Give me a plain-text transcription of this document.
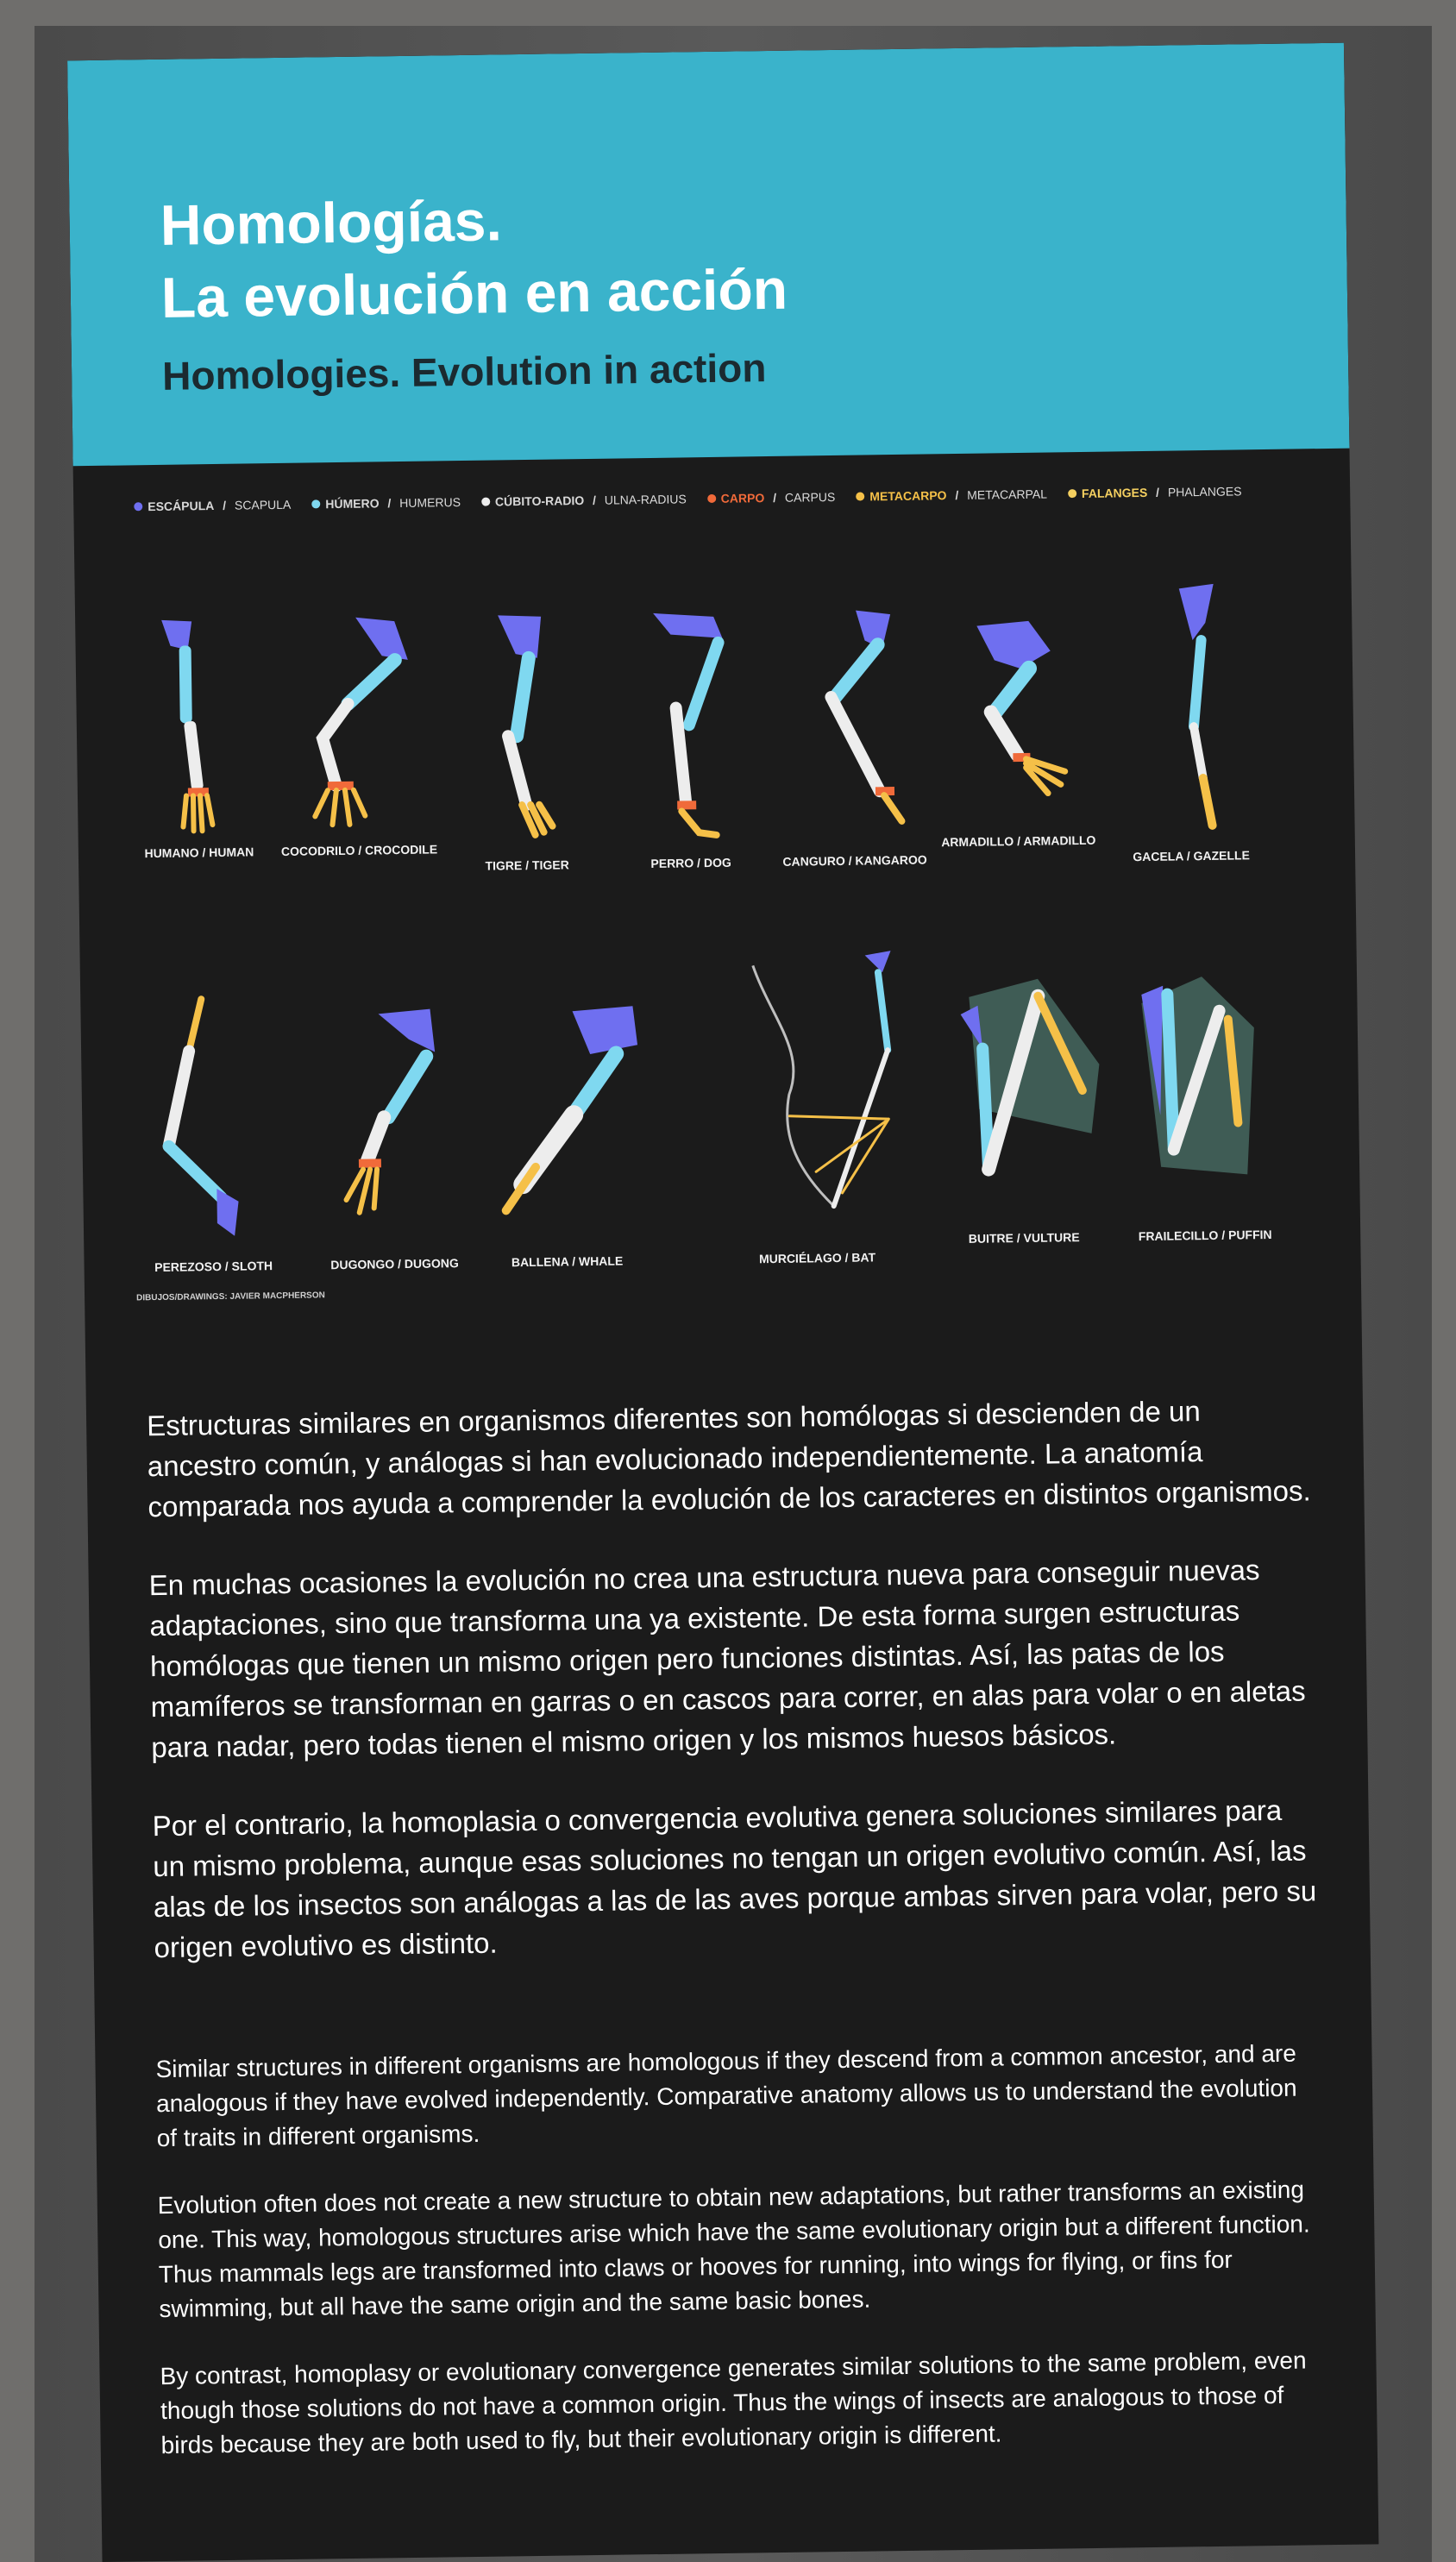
Homologías.
La evolución en acción
Homologies. Evolution in action
ESCÁPULA / SCAPULA	HÚMERO / HUMERUS	CÚBITO-RADIO / ULNA-RADIUS	CARPO / CARPUS	METACARPO / METACARPAL	FALANGES / PHALANGES
HUMANO / HUMAN	COCODRILO / CROCODILE
TIGRE / TIGER	PERRO / DOG	CANGURO / KANGAROO
ARMADILLO / ARMADILLO
GACELA / GAZELLE
PEREZOSO / SLOTH	DUGONGO / DUGONG	BALLENA / WHALE	MURCIÉLAGO / BAT
BUITRE / VULTURE	FRAILECILLO / PUFFIN
DIBUJOS/DRAWINGS: JAVIER MACPHERSON

Estructuras similares en organismos diferentes son homólogas si descienden de un ancestro común, y análogas si han evolucionado independientemente. La anatomía comparada nos ayuda a comprender la evolución de los caracteres en distintos organismos.

En muchas ocasiones la evolución no crea una estructura nueva para conseguir nuevas adaptaciones, sino que transforma una ya existente. De esta forma surgen estructuras homólogas que tienen un mismo origen pero funciones distintas. Así, las patas de los mamíferos se transforman en garras o en cascos para correr, en alas para volar o en aletas para nadar, pero todas tienen el mismo origen y los mismos huesos básicos.

Por el contrario, la homoplasia o convergencia evolutiva genera soluciones similares para un mismo problema, aunque esas soluciones no tengan un origen evolutivo común. Así, las alas de los insectos son análogas a las de las aves porque ambas sirven para volar, pero su origen evolutivo es distinto.

Similar structures in different organisms are homologous if they descend from a common ancestor, and are analogous if they have evolved independently. Comparative anatomy allows us to understand the evolution of traits in different organisms.

Evolution often does not create a new structure to obtain new adaptations, but rather transforms an existing one. This way, homologous structures arise which have the same evolutionary origin but a different function. Thus mammals legs are transformed into claws or hooves for running, into wings for flying, or fins for swimming, but all have the same origin and the same basic bones.

By contrast, homoplasy or evolutionary convergence generates similar solutions to the same problem, even though those solutions do not have a common origin. Thus the wings of insects are analogous to those of birds because they are both used to fly, but their evolutionary origin is different.
